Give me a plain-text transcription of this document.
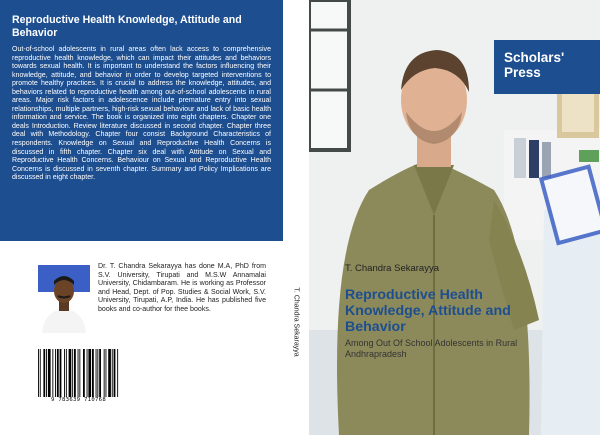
Reproductive Health Knowledge, Attitude and Behavior

Out-of-school adolescents in rural areas often lack access to comprehensive reproductive health knowledge, which can impact their attitudes and behaviors towards sexual health. It is important to understand the factors influencing their knowledge, attitude, and behavior in order to develop targeted interventions to promote healthy practices. It is crucial to address the knowledge, attitudes, and behaviors related to reproductive health among out-of-school adolescents in rural areas. Major risk factors in adolescence include premature entry into sexual relationships, multiple partners, high-risk sexual behaviour and lack of basic health information and service. The book is organized into eight chapters. Chapter one deals Introduction. Review literature discussed in second chapter. Chapter three deal with Methodology. Chapter four consist Background Characteristics of respondents. Knowledge on Sexual and Reproductive Health Concerns is discussed in fifth chapter. Chapter six deal with Attitude on Sexual and Reproductive Health Concerns. Behaviour on Sexual and Reproductive Health Concerns is discussed in seventh chapter. Summary and Policy Implications are discussed in eight chapter.

Dr. T. Chandra Sekarayya has done M.A, PhD from S.V. University, Tirupati and M.S.W Annamalai University, Chidambaram. He is working as Professor and Head, Dept. of Pop. Studies & Social Work, S.V. University, Tirupati, A.P, India. He has published five books and co-author for thee books.

9 783639 710768
T. Chandra Sekarayya
Scholars'
Press
T. Chandra Sekarayya
Reproductive Health Knowledge, Attitude and Behavior
Among Out Of School Adolescents in Rural Andhrapradesh
